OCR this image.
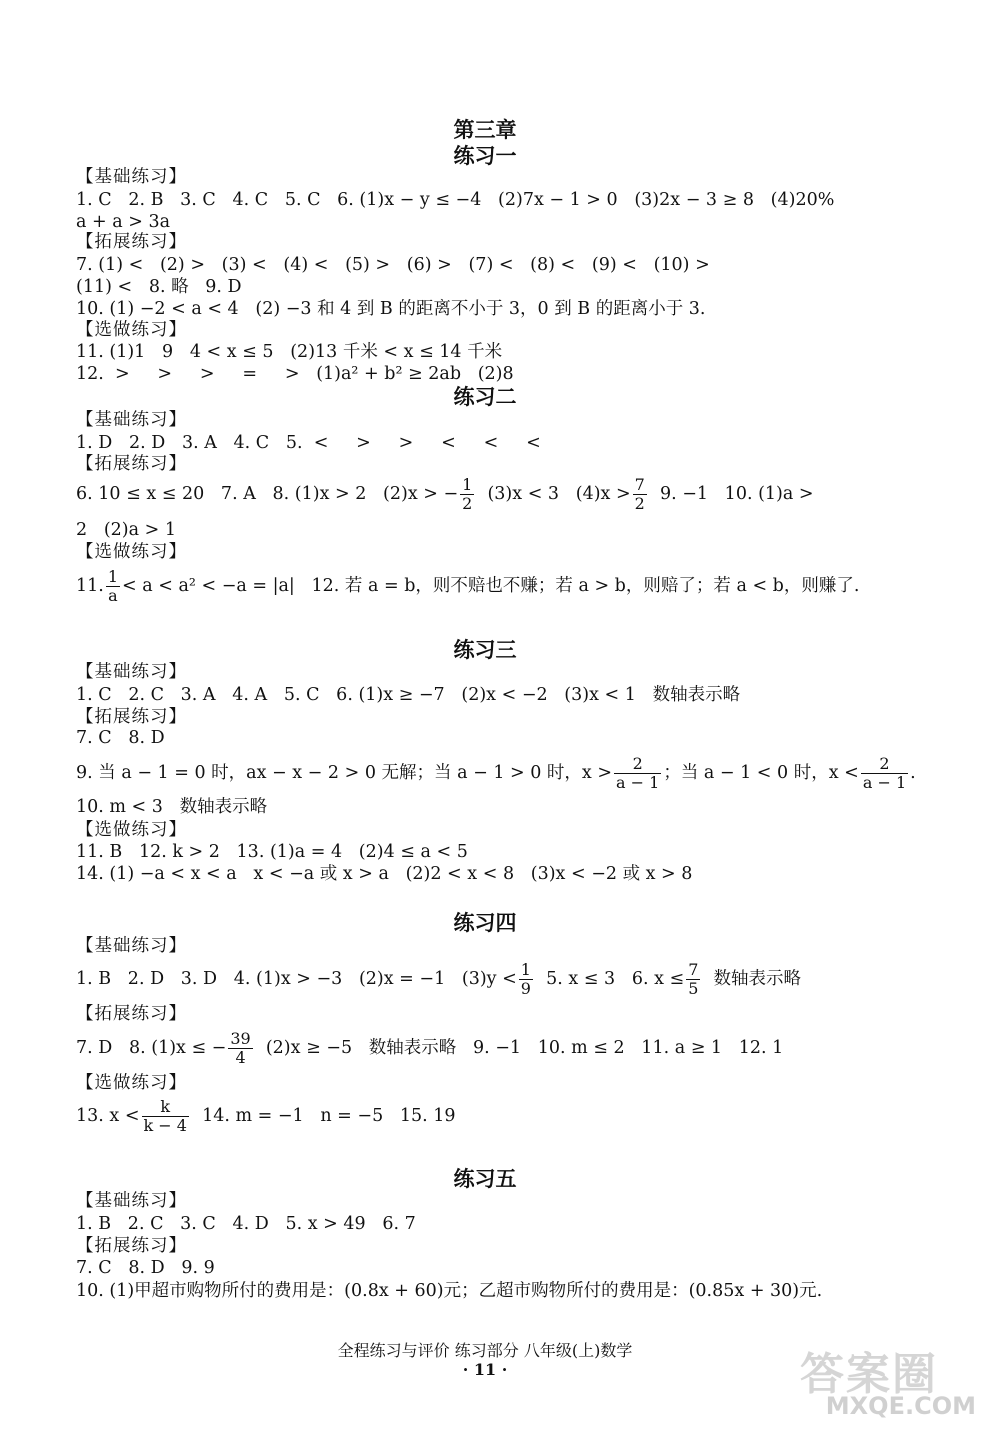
第三章
练习一
【基础练习】
1. C   2. B   3. C   4. C   5. C   6. (1)x − y ≤ −4   (2)7x − 1 > 0   (3)2x − 3 ≥ 8   (4)20%
a + a > 3a
【拓展练习】
7. (1) <   (2) >   (3) <   (4) <   (5) >   (6) >   (7) <   (8) <   (9) <   (10) >
(11) <   8. 略   9. D
10. (1) −2 < a < 4   (2) −3 和 4 到 B 的距离不小于 3，0 到 B 的距离小于 3.
【选做练习】
11. (1)1   9   4 < x ≤ 5   (2)13 千米 < x ≤ 14 千米
12.  >     >     >     =     >   (1)a² + b² ≥ 2ab   (2)8
练习二
【基础练习】
1. D   2. D   3. A   4. C   5.  <     >     >     <     <     <
【拓展练习】
6. 10 ≤ x ≤ 20   7. A   8. (1)x > 2   (2)x > − $\frac{1}{2} (3)x < 3$   $(4)x > \frac{7}{2} 9$. −1   10. (1)a >
2   (2)a > 1
【选做练习】
11. $\frac{1}{a} < a < a^2 < -a = |a|$   12. 若 a = b，则不赔也不赚；若 a > b，则赔了；若 a < b，则赚了.
练习三
【基础练习】
1. C   2. C   3. A   4. A   5. C   6. (1)x ≥ −7   (2)x < −2   (3)x < 1   数轴表示略
【拓展练习】
7. C   8. D
9. 当 a − 1 = 0 时，ax − x − 2 > 0 无解；当 a − 1 > 0 时，$x > \frac{2}{a - 1}$ ；当 a − 1 < 0 时，$x < \frac{2}{a - 1}$ .
10. m < 3   数轴表示略
【选做练习】
11. B   12. k > 2   13. (1)a = 4   (2)4 ≤ a < 5
14. (1) −a < x < a   x < −a 或 x > a   (2)2 < x < 8   (3)x < −2 或 x > 8
练习四
【基础练习】
1. B   2. D   3. D   4. (1)x > −3   (2)x = −1   $(3)y < \frac{1}{9} 5$. x ≤ 3   6. $x \le \frac{7}{5}$ 数轴表示略
【拓展练习】
7. D   8. (1)x ≤ − $\frac{39}{4} (2)x \ge -5$   数轴表示略   9. −1   10. m ≤ 2   11. a ≥ 1   12. 1
【选做练习】
13. $x < \frac{k}{k - 4} 14$. m = −1   n = −5   15. 19
练习五
【基础练习】
1. B   2. C   3. C   4. D   5. x > 49   6. 7
【拓展练习】
7. C   8. D   9. 9
10. (1)甲超市购物所付的费用是：(0.8x + 60)元；乙超市购物所付的费用是：(0.85x + 30)元.
全程练习与评价 练习部分 八年级(上)数学
· 11 ·	答案圈
MXQE.COM
